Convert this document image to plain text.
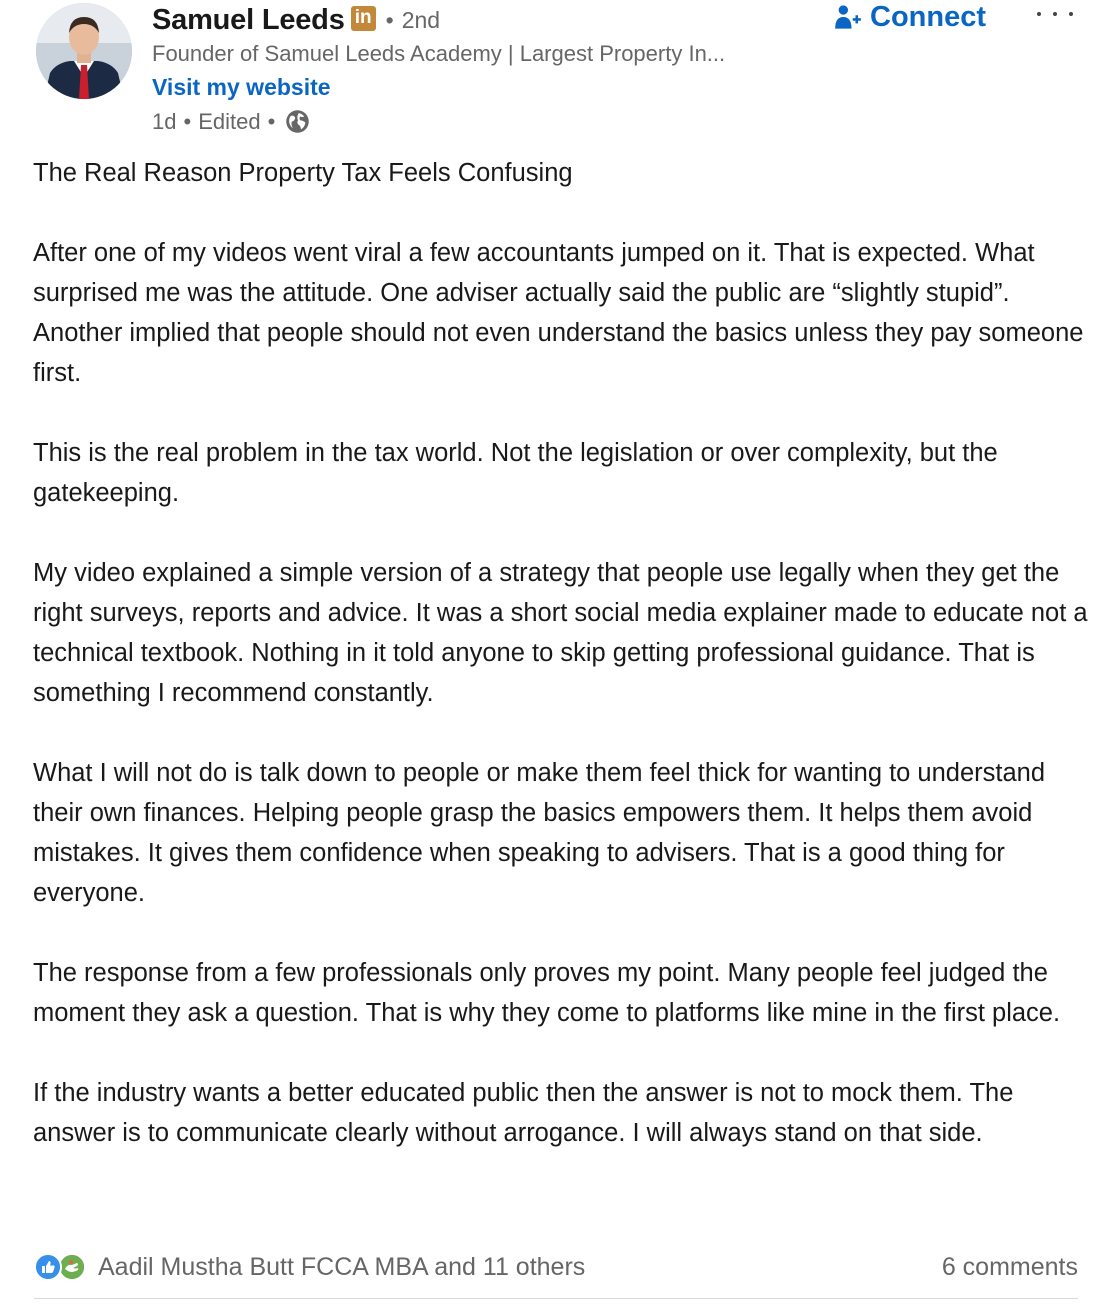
Samuel Leeds in • 2nd
Founder of Samuel Leeds Academy | Largest Property In...
Visit my website
1d • Edited •
Connect

The Real Reason Property Tax Feels Confusing

After one of my videos went viral a few accountants jumped on it. That is expected. What surprised me was the attitude. One adviser actually said the public are “slightly stupid”. Another implied that people should not even understand the basics unless they pay someone first.

This is the real problem in the tax world. Not the legislation or over complexity, but the gatekeeping.

My video explained a simple version of a strategy that people use legally when they get the right surveys, reports and advice. It was a short social media explainer made to educate not a technical textbook. Nothing in it told anyone to skip getting professional guidance. That is something I recommend constantly.

What I will not do is talk down to people or make them feel thick for wanting to understand their own finances. Helping people grasp the basics empowers them. It helps them avoid mistakes. It gives them confidence when speaking to advisers. That is a good thing for everyone.

The response from a few professionals only proves my point. Many people feel judged the moment they ask a question. That is why they come to platforms like mine in the first place.

If the industry wants a better educated public then the answer is not to mock them. The answer is to communicate clearly without arrogance. I will always stand on that side.

Aadil Mustha Butt FCCA MBA and 11 others	6 comments
